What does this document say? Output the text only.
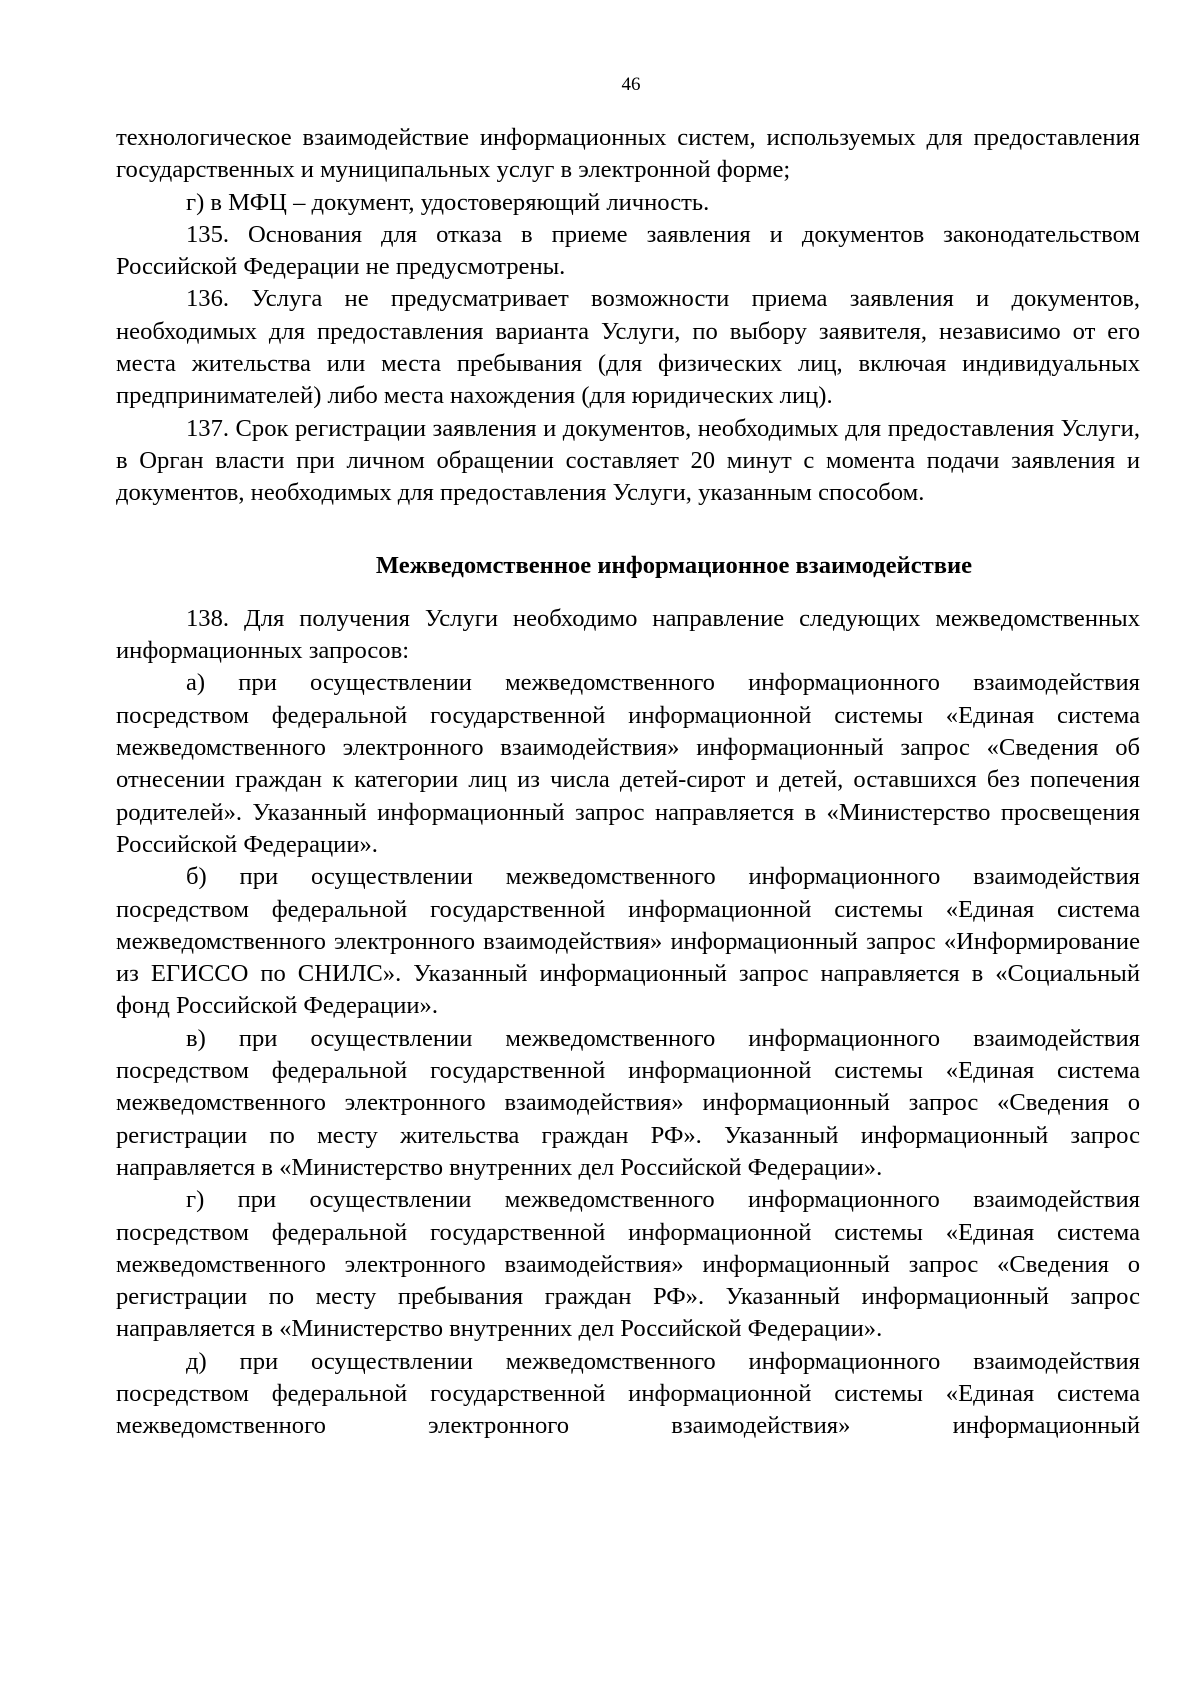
46

технологическое взаимодействие информационных систем, используемых для предоставления государственных и муниципальных услуг в электронной форме;

г) в МФЦ – документ, удостоверяющий личность.

135. Основания для отказа в приеме заявления и документов законодательством Российской Федерации не предусмотрены.

136. Услуга не предусматривает возможности приема заявления и документов, необходимых для предоставления варианта Услуги, по выбору заявителя, независимо от его места жительства или места пребывания (для физических лиц, включая индивидуальных предпринимателей) либо места нахождения (для юридических лиц).

137. Срок регистрации заявления и документов, необходимых для предоставления Услуги, в Орган власти при личном обращении составляет 20 минут с момента подачи заявления и документов, необходимых для предоставления Услуги, указанным способом.

Межведомственное информационное взаимодействие

138. Для получения Услуги необходимо направление следующих межведомственных информационных запросов:

а) при осуществлении межведомственного информационного взаимодействия посредством федеральной государственной информационной системы «Единая система межведомственного электронного взаимодействия» информационный запрос «Сведения об отнесении граждан к категории лиц из числа детей-сирот и детей, оставшихся без попечения родителей». Указанный информационный запрос направляется в «Министерство просвещения Российской Федерации».

б) при осуществлении межведомственного информационного взаимодействия посредством федеральной государственной информационной системы «Единая система межведомственного электронного взаимодействия» информационный запрос «Информирование из ЕГИССО по СНИЛС». Указанный информационный запрос направляется в «Социальный фонд Российской Федерации».

в) при осуществлении межведомственного информационного взаимодействия посредством федеральной государственной информационной системы «Единая система межведомственного электронного взаимодействия» информационный запрос «Сведения о регистрации по месту жительства граждан РФ». Указанный информационный запрос направляется в «Министерство внутренних дел Российской Федерации».

г) при осуществлении межведомственного информационного взаимодействия посредством федеральной государственной информационной системы «Единая система межведомственного электронного взаимодействия» информационный запрос «Сведения о регистрации по месту пребывания граждан РФ». Указанный информационный запрос направляется в «Министерство внутренних дел Российской Федерации».

д) при осуществлении межведомственного информационного взаимодействия посредством федеральной государственной информационной системы «Единая система межведомственного электронного взаимодействия» информационный
